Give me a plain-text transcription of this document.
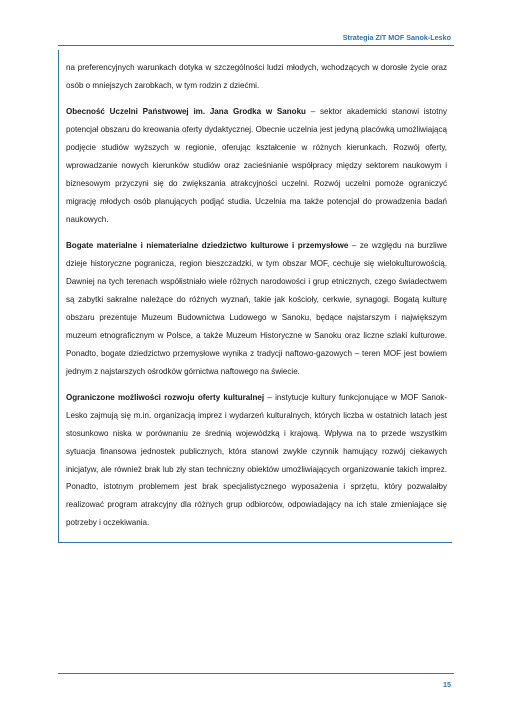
Strategia ZIT MOF Sanok-Lesko

na preferencyjnych warunkach dotyka w szczególności ludzi młodych, wchodzących w dorosłe życie oraz osób o mniejszych zarobkach, w tym rodzin z dziećmi.

Obecność Uczelni Państwowej im. Jana Grodka w Sanoku – sektor akademicki stanowi istotny potencjał obszaru do kreowania oferty dydaktycznej. Obecnie uczelnia jest jedyną placówką umożliwiającą podjęcie studiów wyższych w regionie, oferując kształcenie w różnych kierunkach. Rozwój oferty, wprowadzanie nowych kierunków studiów oraz zacieśnianie współpracy między sektorem naukowym i biznesowym przyczyni się do zwiększania atrakcyjności uczelni. Rozwój uczelni pomoże ograniczyć migrację młodych osób planujących podjąć studia. Uczelnia ma także potencjał do prowadzenia badań naukowych.

Bogate materialne i niematerialne dziedzictwo kulturowe i przemysłowe – ze względu na burzliwe dzieje historyczne pogranicza, region bieszczadzki, w tym obszar MOF, cechuje się wielokulturowością. Dawniej na tych terenach współistniało wiele różnych narodowości i grup etnicznych, czego świadectwem są zabytki sakralne należące do różnych wyznań, takie jak kościoły, cerkwie, synagogi. Bogatą kulturę obszaru prezentuje Muzeum Budownictwa Ludowego w Sanoku, będące najstarszym i największym muzeum etnograficznym w Polsce, a także Muzeum Historyczne w Sanoku oraz liczne szlaki kulturowe. Ponadto, bogate dziedzictwo przemysłowe wynika z tradycji naftowo-gazowych – teren MOF jest bowiem jednym z najstarszych ośrodków górnictwa naftowego na świecie.

Ograniczone możliwości rozwoju oferty kulturalnej – instytucje kultury funkcjonujące w MOF Sanok-Lesko zajmują się m.in. organizacją imprez i wydarzeń kulturalnych, których liczba w ostatnich latach jest stosunkowo niska w porównaniu ze średnią wojewódzką i krajową. Wpływa na to przede wszystkim sytuacja finansowa jednostek publicznych, która stanowi zwykle czynnik hamujący rozwój ciekawych inicjatyw, ale również brak lub zły stan techniczny obiektów umożliwiających organizowanie takich imprez. Ponadto, istotnym problemem jest brak specjalistycznego wyposażenia i sprzętu, który pozwalałby realizować program atrakcyjny dla różnych grup odbiorców, odpowiadający na ich stale zmieniające się potrzeby i oczekiwania.

15
